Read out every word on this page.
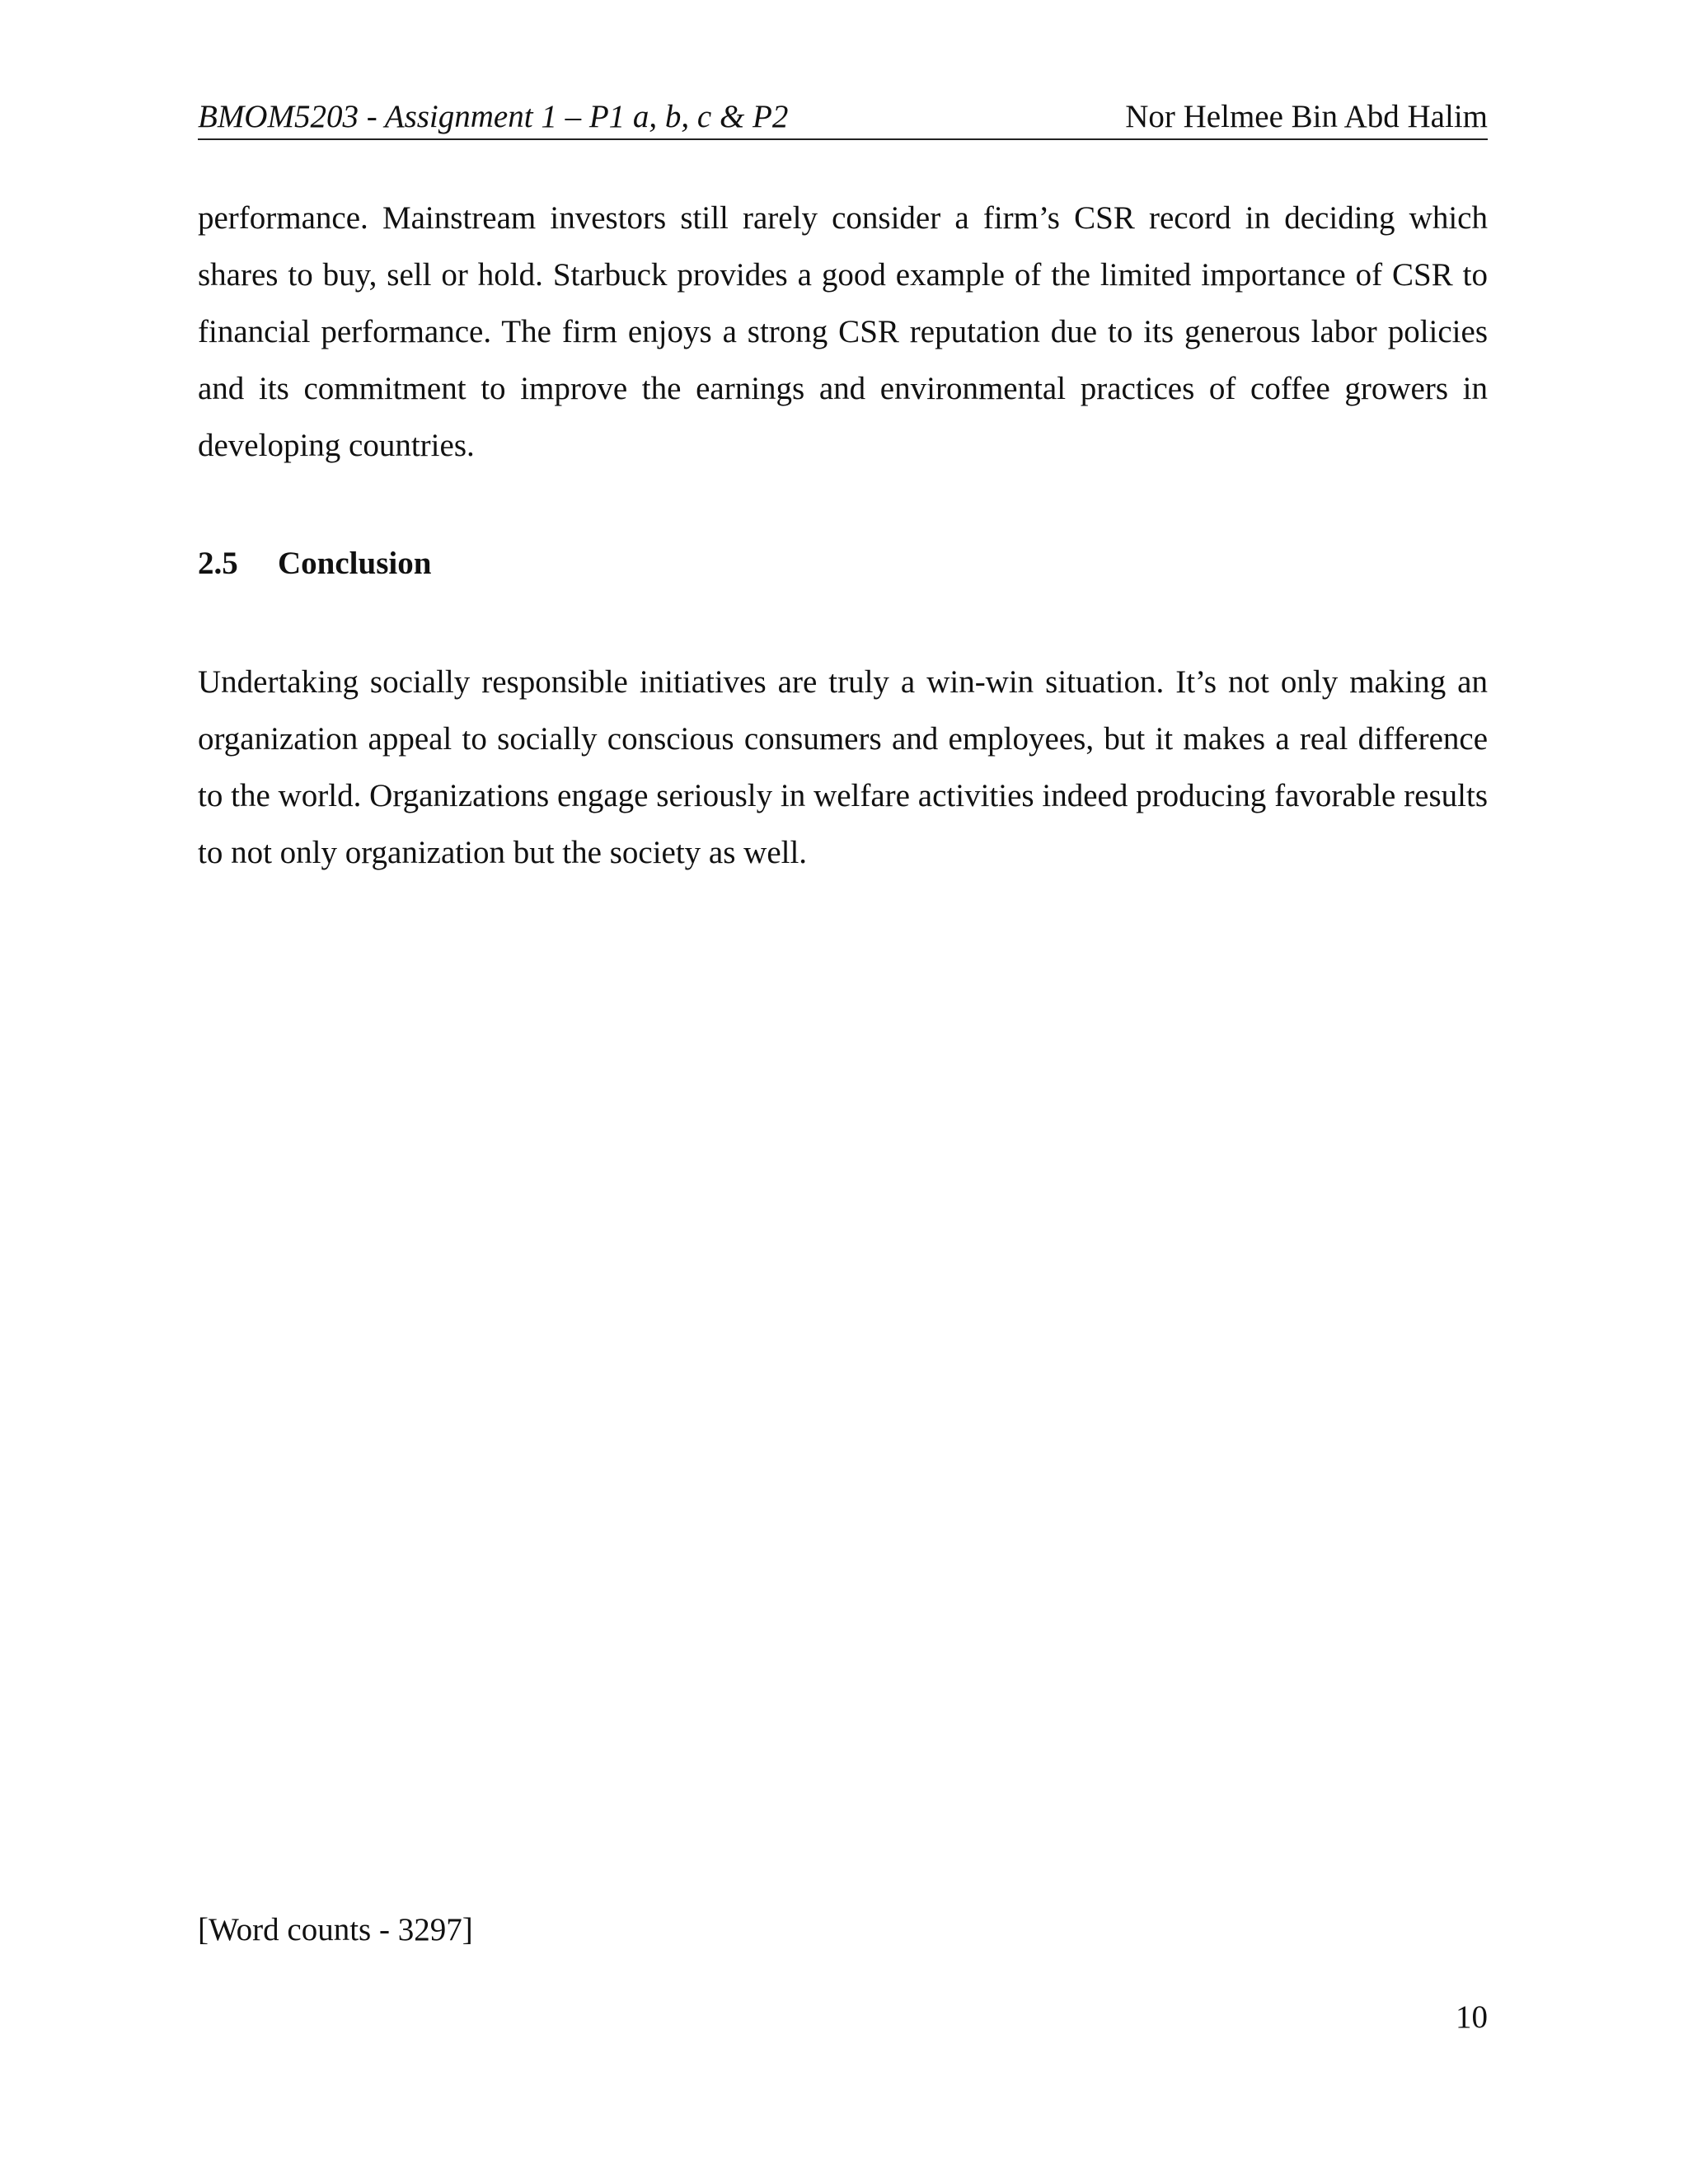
BMOM5203 - Assignment 1 – P1 a, b, c & P2	Nor Helmee Bin Abd Halim

performance. Mainstream investors still rarely consider a firm’s CSR record in deciding which shares to buy, sell or hold. Starbuck provides a good example of the limited importance of CSR to financial performance. The firm enjoys a strong CSR reputation due to its generous labor policies and its commitment to improve the earnings and environmental practices of coffee growers in developing countries.

2.5 Conclusion

Undertaking socially responsible initiatives are truly a win-win situation. It’s not only making an organization appeal to socially conscious consumers and employees, but it makes a real difference to the world. Organizations engage seriously in welfare activities indeed producing favorable results to not only organization but the society as well.

[Word counts - 3297]
10
